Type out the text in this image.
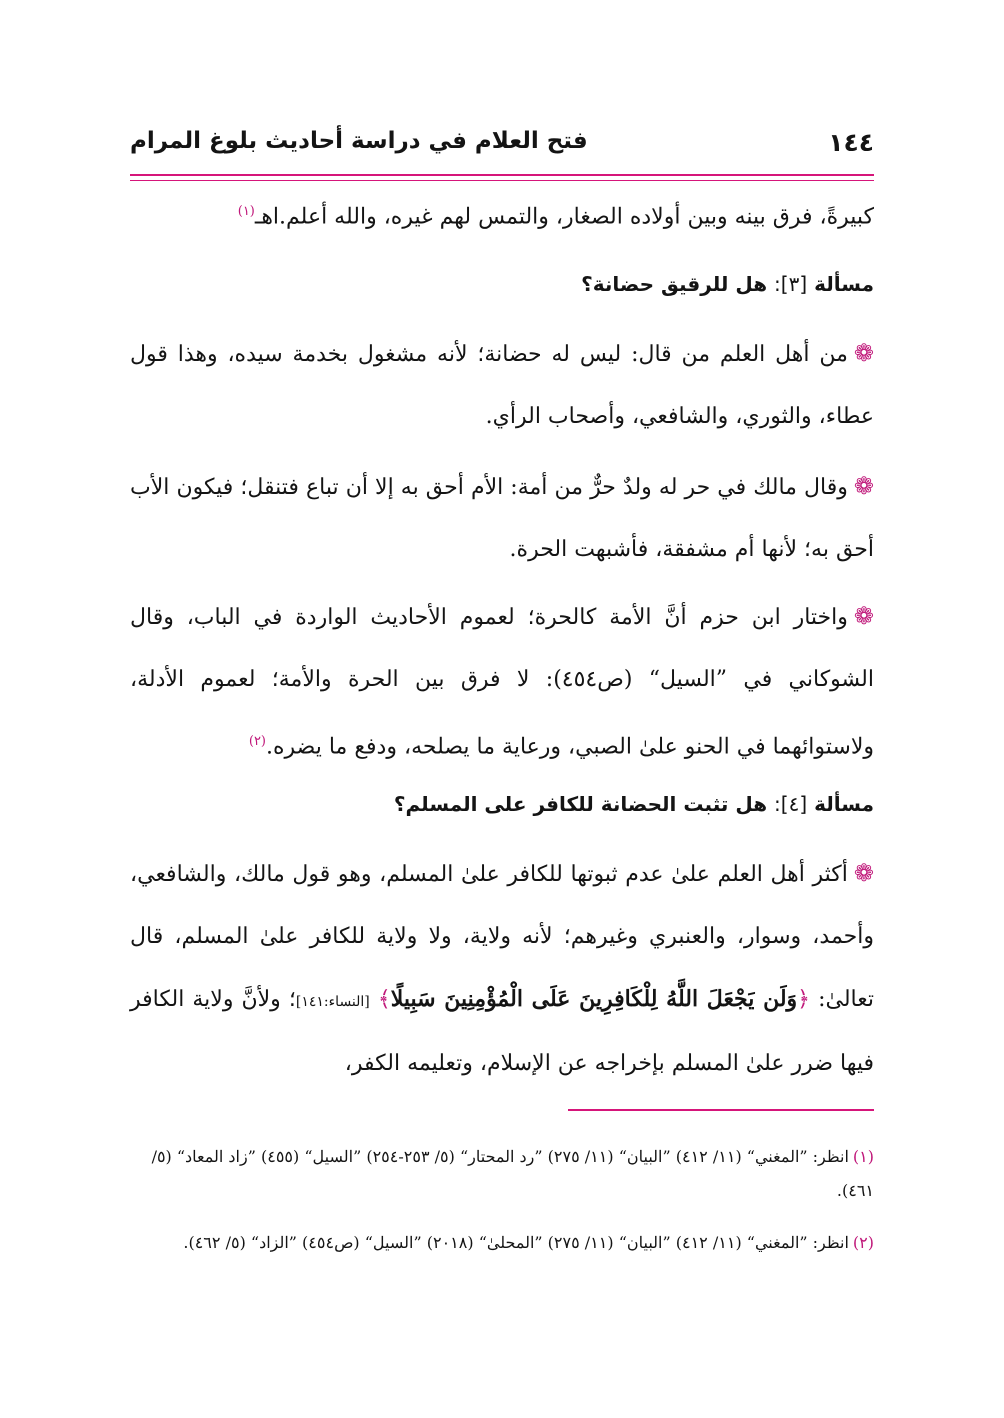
١٤٤
فتح العلام في دراسة أحاديث بلوغ المرام
كبيرةً، فرق بينه وبين أولاده الصغار، والتمس لهم غيره، والله أعلم.اهـ$^{(١)}$
مسألة [٣]: هل للرقيق حضانة؟
❁من أهل العلم من قال: ليس له حضانة؛ لأنه مشغول بخدمة سيده، وهذا قول عطاء، والثوري، والشافعي، وأصحاب الرأي.
❁وقال مالك في حر له ولدٌ حرٌّ من أمة: الأم أحق به إلا أن تباع فتنقل؛ فيكون الأب أحق به؛ لأنها أم مشفقة، فأشبهت الحرة.
❁واختار ابن حزم أنَّ الأمة كالحرة؛ لعموم الأحاديث الواردة في الباب، وقال الشوكاني في ”السيل“ (ص٤٥٤): لا فرق بين الحرة والأمة؛ لعموم الأدلة، ولاستوائهما في الحنو علىٰ الصبي، ورعاية ما يصلحه، ودفع ما يضره.$^{(٢)}$
مسألة [٤]: هل تثبت الحضانة للكافر على المسلم؟
❁أكثر أهل العلم علىٰ عدم ثبوتها للكافر علىٰ المسلم، وهو قول مالك، والشافعي، وأحمد، وسوار، والعنبري وغيرهم؛ لأنه ولاية، ولا ولاية للكافر علىٰ المسلم، قال تعالىٰ: ﴿وَلَن يَجْعَلَ اللَّهُ لِلْكَافِرِينَ عَلَى الْمُؤْمِنِينَ سَبِيلًا﴾ [النساء:١٤١]؛ ولأنَّ ولاية الكافر فيها ضرر علىٰ المسلم بإخراجه عن الإسلام، وتعليمه الكفر،
(١)انظر: ”المغني“ (١١/ ٤١٢) ”البيان“ (١١/ ٢٧٥) ”رد المحتار“ (٥/ ٢٥٣-٢٥٤) ”السيل“ (٤٥٥) ”زاد المعاد“ (٥/ ٤٦١).
(٢)انظر: ”المغني“ (١١/ ٤١٢) ”البيان“ (١١/ ٢٧٥) ”المحلىٰ“ (٢٠١٨) ”السيل“ (ص٤٥٤) ”الزاد“ (٥/ ٤٦٢).
